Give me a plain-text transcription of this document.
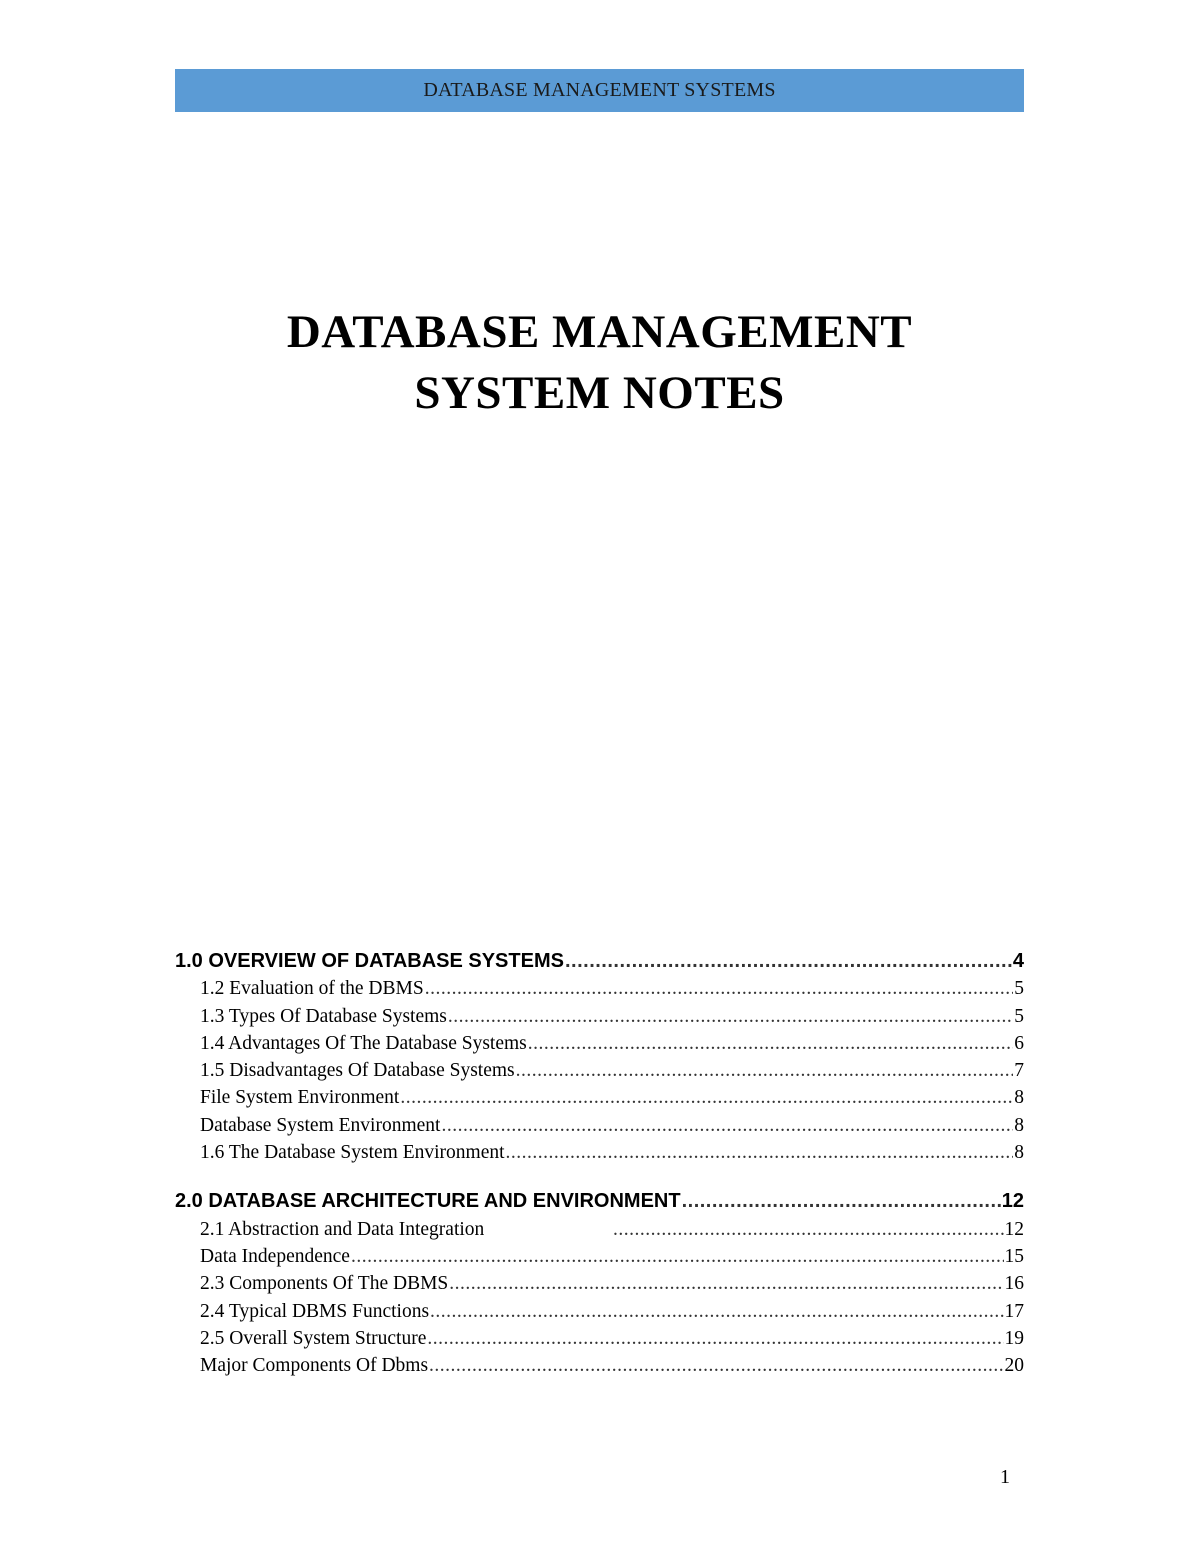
DATABASE MANAGEMENT SYSTEMS
DATABASE MANAGEMENT
SYSTEM NOTES
1.0 OVERVIEW OF DATABASE SYSTEMS .....	4
1.2 Evaluation of the DBMS .....	5
1.3 Types Of Database Systems .....	5
1.4 Advantages Of The Database Systems .....	6
1.5 Disadvantages Of Database Systems .....	7
File System Environment .....	8
Database System Environment .....	8
1.6 The Database System Environment .....	8
2.0 DATABASE ARCHITECTURE AND ENVIRONMENT .....	12
2.1 Abstraction and Data Integration .....	12
Data Independence .....	15
2.3 Components Of The DBMS .....	16
2.4 Typical DBMS Functions .....	17
2.5 Overall System Structure .....	19
Major Components Of Dbms .....	20
1
